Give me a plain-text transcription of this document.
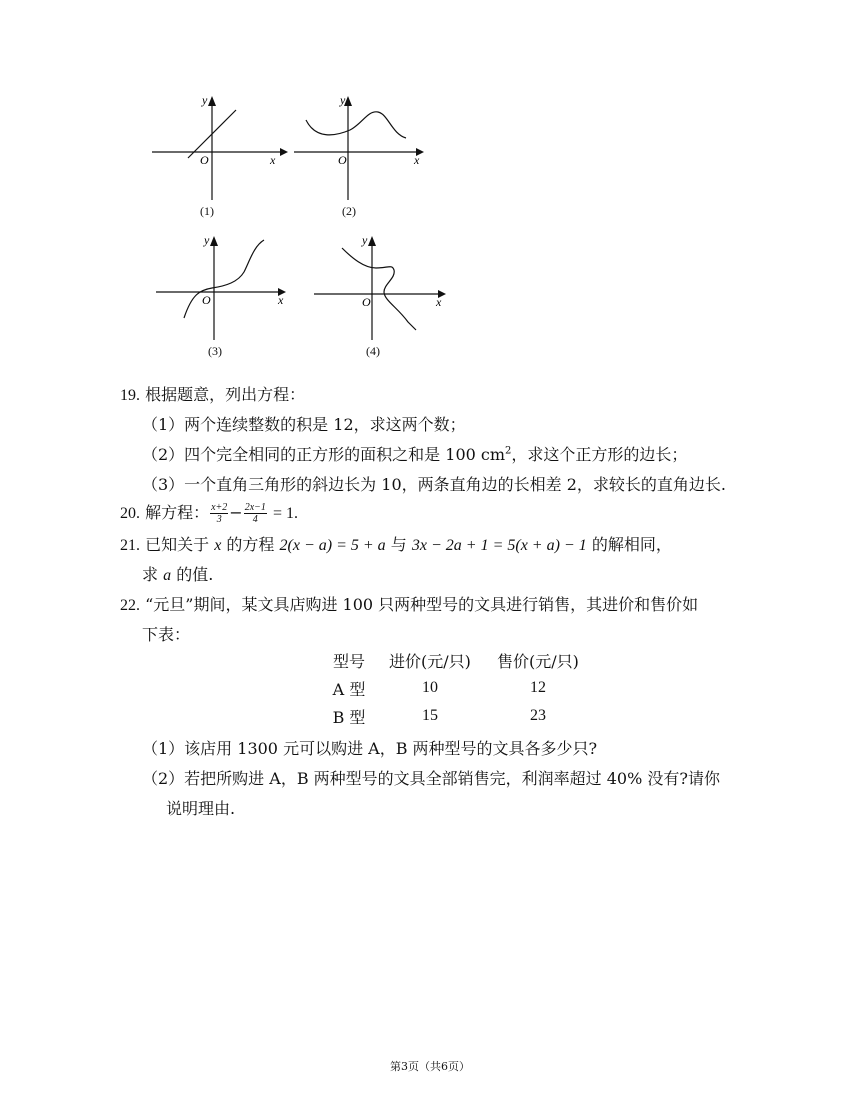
x
y
O
(1)
x
y
O
(2)
x
y
O
(3)
x
y
O
(4)
19. 根据题意，列出方程：
（1）两个连续整数的积是 12，求这两个数；
（2）四个完全相同的正方形的面积之和是 100 $cm^2$，求这个正方形的边长；
（3）一个直角三角形的斜边长为 10，两条直角边的长相差 2，求较长的直角边长.
20. 解方程： $\frac{x+2}{3} - \frac{2x-1}{4} = 1$.
21. 已知关于 x 的方程 2(x − a) = 5 + a 与 3x − 2a + 1 = 5(x + a) − 1 的解相同，
求 a 的值.
22. “元旦”期间，某文具店购进 100 只两种型号的文具进行销售，其进价和售价如
下表：
型号	进价(元/只)	售价(元/只)
A 型	10	12
B 型	15	23
（1）该店用 1300 元可以购进 A，B 两种型号的文具各多少只?
（2）若把所购进 A，B 两种型号的文具全部销售完，利润率超过 40% 没有?请你
说明理由.
第3页（共6页）
